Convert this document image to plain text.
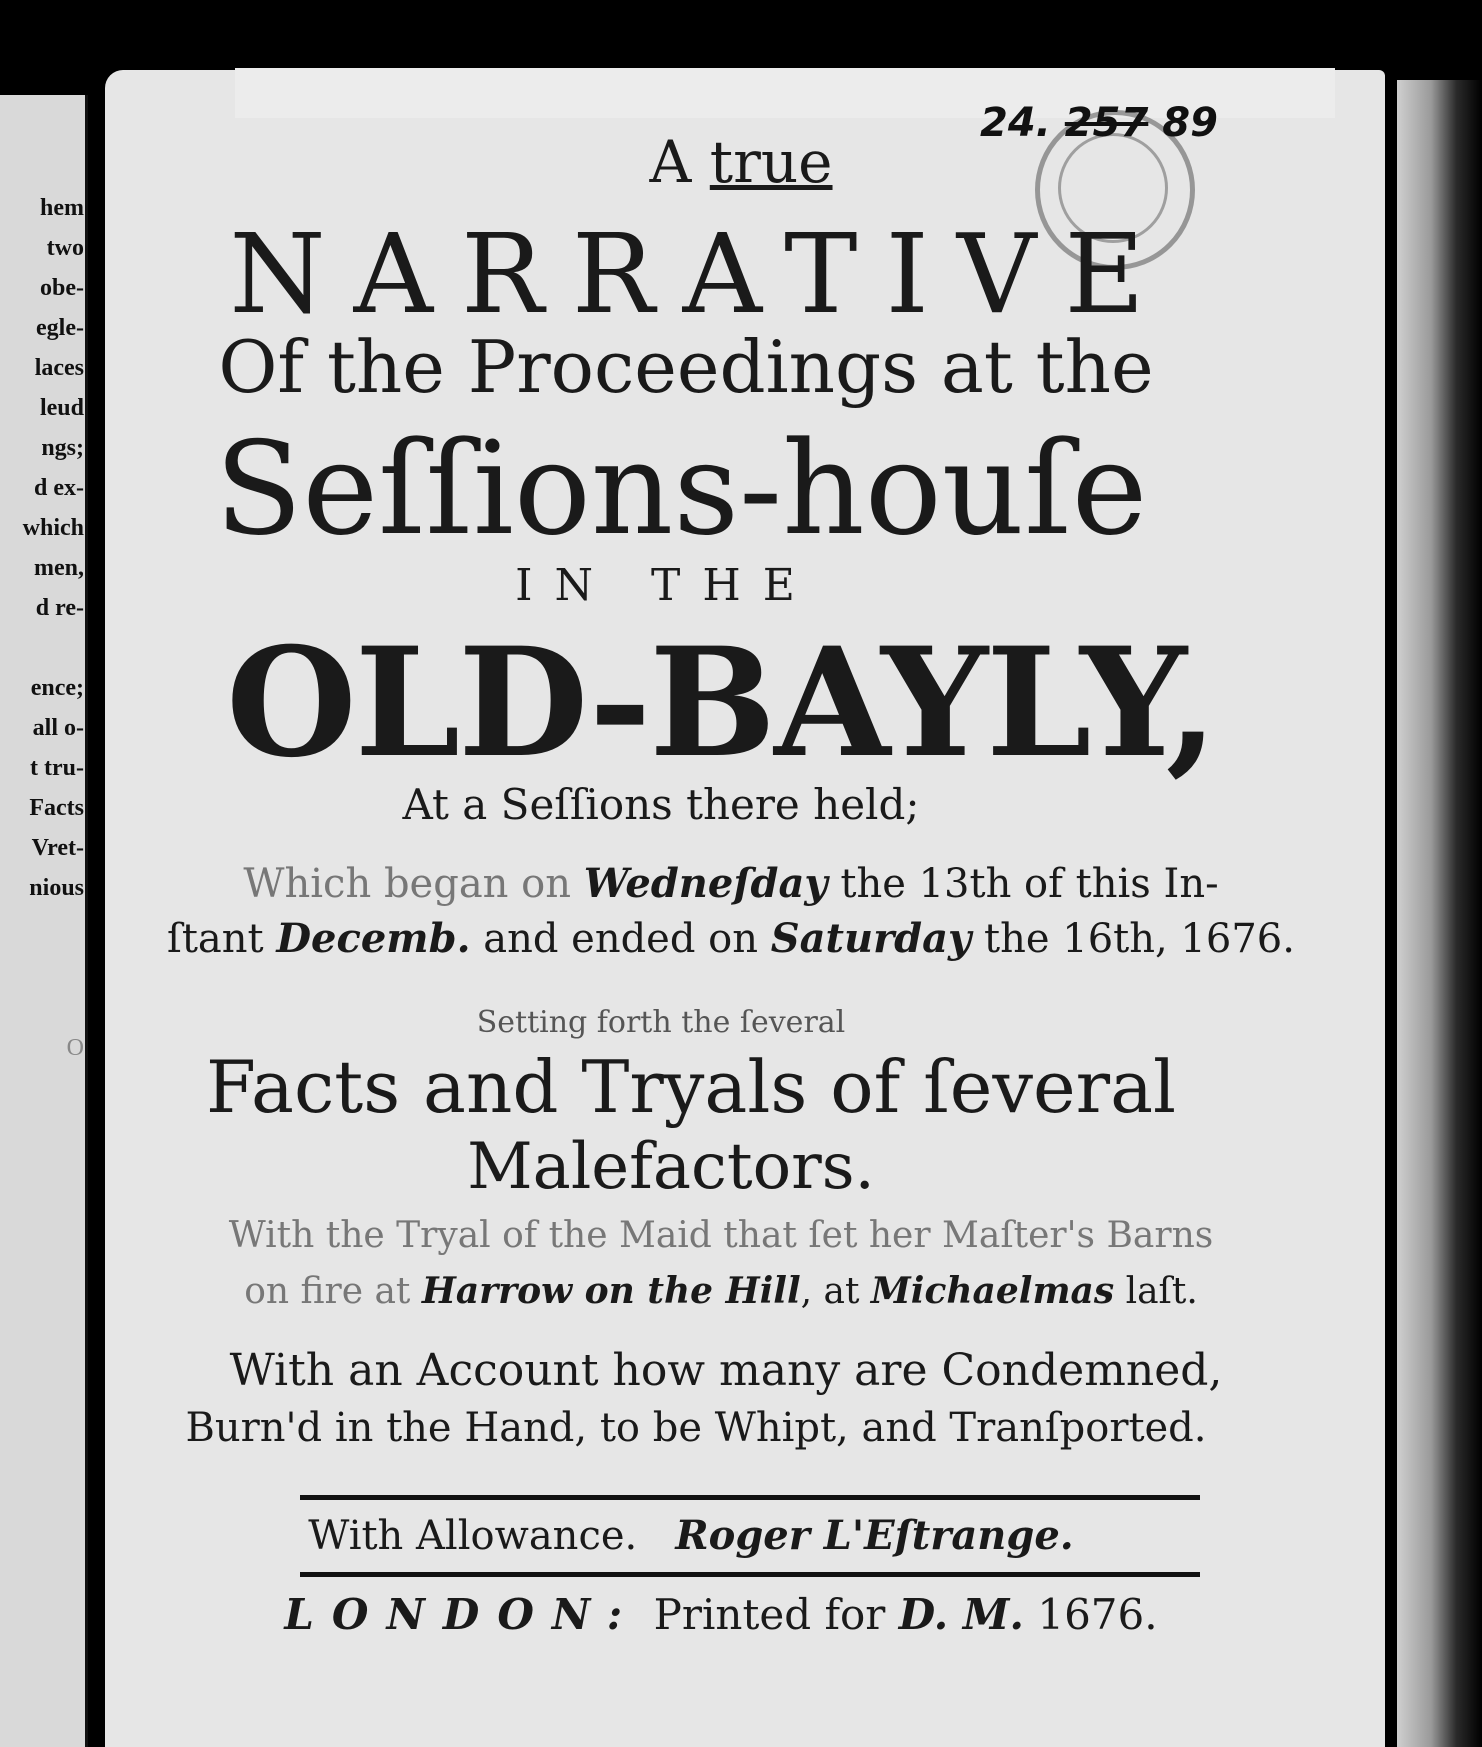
hem
two
obe-
egle-
laces
leud
ngs;
d ex-
which
men,
d re-
ence;
all o-
t tru-
Facts
Vret-
nious
O
24. 257 89
A true
NARRATIVE
Of the Proceedings at the
Seſſions-houſe
IN THE
OLD-BAYLY,
At a Seſſions there held;
Which began on Wedneſday the 13th of this In-
ſtant Decemb. and ended on Saturday the 16th, 1676.
Setting forth the ſeveral
Facts and Tryals of ſeveral
Malefactors.
With the Tryal of the Maid that ſet her Maſter's Barns
on fire at Harrow on the Hill, at Michaelmas laſt.
With an Account how many are Condemned,
Burn'd in the Hand, to be Whipt, and Tranſported.
With Allowance. Roger L'Eſtrange.
LONDON: Printed for D. M. 1676.
